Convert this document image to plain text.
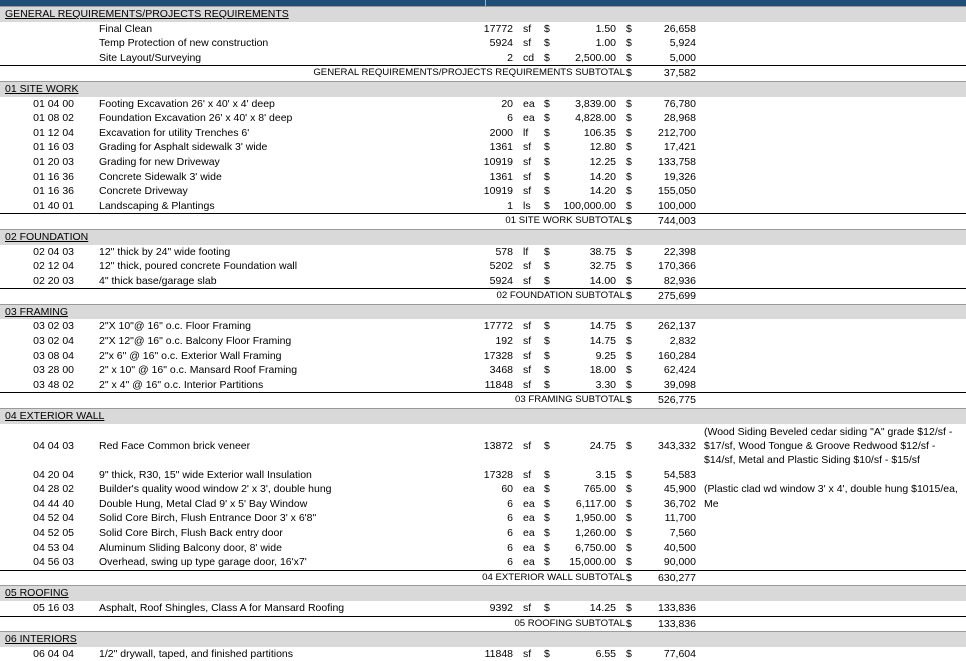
GENERAL REQUIREMENTS/PROJECTS REQUIREMENTS
Final Clean	17772 sf	$	1.50 $	26,658
Temp Protection of new construction	5924 sf	$	1.00 $	5,924
Site Layout/Surveying	2 cd $	2,500.00 $	5,000
GENERAL REQUIREMENTS/PROJECTS REQUIREMENTS SUBTOTAL $	37,582
01 SITE WORK
01 04 00 Footing Excavation 26' x 40' x 4' deep	20 ea $	3,839.00 $	76,780
01 08 02 Foundation Excavation 26' x 40' x 8' deep	6 ea $	4,828.00 $	28,968
01 12 04 Excavation for utility Trenches 6'	2000 lf	$	106.35 $	212,700
01 16 03 Grading for Asphalt sidewalk 3' wide	1361 sf	$	12.80 $	17,421
01 20 03 Grading for new Driveway	10919 sf	$	12.25 $	133,758
01 16 36 Concrete Sidewalk 3' wide	1361 sf	$	14.20 $	19,326
01 16 36 Concrete Driveway	10919 sf	$	14.20 $	155,050
01 40 01 Landscaping & Plantings	1 ls	$	100,000.00 $	100,000
01 SITE WORK SUBTOTAL $	744,003
02 FOUNDATION
02 04 03 12" thick by 24" wide footing	578 lf	$	38.75 $	22,398
02 12 04 12" thick, poured concrete Foundation wall	5202 sf	$	32.75 $	170,366
02 20 03 4" thick base/garage slab	5924 sf	$	14.00 $	82,936
02 FOUNDATION SUBTOTAL $	275,699
03 FRAMING
03 02 03 2"X 10"@ 16" o.c. Floor Framing	17772 sf	$	14.75 $	262,137
03 02 04 2"X 12"@ 16" o.c. Balcony Floor Framing	192 sf	$	14.75 $	2,832
03 08 04 2"x 6" @ 16" o.c. Exterior Wall Framing	17328 sf	$	9.25 $	160,284
03 28 00 2" x 10" @ 16" o.c. Mansard Roof Framing	3468 sf	$	18.00 $	62,424
03 48 02 2" x 4" @ 16" o.c. Interior Partitions	11848 sf	$	3.30 $	39,098
03 FRAMING SUBTOTAL $	526,775
04 EXTERIOR WALL
04 04 03 Red Face Common brick veneer	13872 sf	$	24.75 $	343,332
(Wood Siding Beveled cedar siding "A" grade $12/sf - $17/sf, Wood Tongue & Groove Redwood $12/sf - $14/sf, Metal and Plastic Siding $10/sf - $15/sf
04 20 04 9" thick, R30, 15" wide Exterior wall Insulation	17328 sf	$	3.15 $	54,583
04 28 02 Builder's quality wood window 2' x 3', double hung	60 ea $	765.00 $	45,900 (Plastic clad wd window 3' x 4', double hung $1015/ea, Me
04 44 40 Double Hung, Metal Clad 9' x 5' Bay Window	6 ea $	6,117.00 $	36,702
04 52 04 Solid Core Birch, Flush Entrance Door 3' x 6'8"	6 ea $	1,950.00 $	11,700
04 52 05 Solid Core Birch, Flush Back entry door	6 ea $	1,260.00 $	7,560
04 53 04 Aluminum Sliding Balcony door, 8' wide	6 ea $	6,750.00 $	40,500
04 56 03 Overhead, swing up type garage door, 16'x7'	6 ea $	15,000.00 $	90,000
04 EXTERIOR WALL SUBTOTAL $	630,277
05 ROOFING
05 16 03 Asphalt, Roof Shingles, Class A for Mansard Roofing	9392 sf	$	14.25 $	133,836
05 ROOFING SUBTOTAL $	133,836
06 INTERIORS
06 04 04 1/2" drywall, taped, and finished partitions	11848 sf	$	6.55 $	77,604
